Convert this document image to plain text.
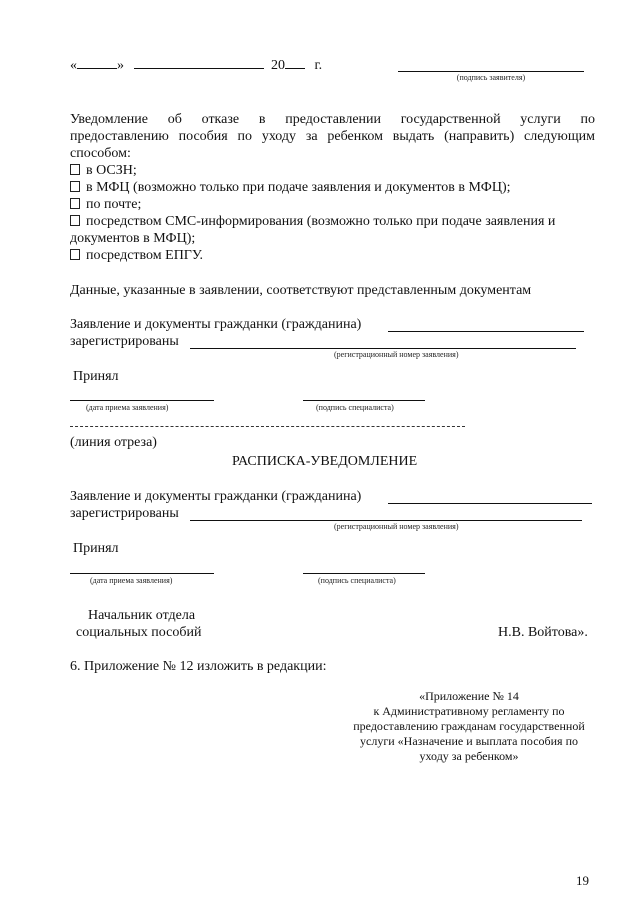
«	»	20 г.
(подпись заявителя)
Уведомление об отказе в предоставлении государственной услуги по
предоставлению пособия по уходу за ребенком выдать (направить) следующим
способом:
в ОСЗН;
в МФЦ (возможно только при подаче заявления и документов в МФЦ);
по почте;
посредством СМС-информирования (возможно только при подаче заявления и
документов в МФЦ);
посредством ЕПГУ.
Данные, указанные в заявлении, соответствуют представленным документам
Заявление и документы гражданки (гражданина)
зарегистрированы
(регистрационный номер заявления)
Принял
(дата приема заявления)	(подпись специалиста)
(линия отреза)
РАСПИСКА-УВЕДОМЛЕНИЕ
Заявление и документы гражданки (гражданина)
зарегистрированы
(регистрационный номер заявления)
Принял
(дата приема заявления)	(подпись специалиста)
Начальник отдела
социальных пособий	Н.В. Войтова».
6. Приложение № 12 изложить в редакции:
«Приложение № 14
к Административному регламенту по
предоставлению гражданам государственной
услуги «Назначение и выплата пособия по
уходу за ребенком»
19
